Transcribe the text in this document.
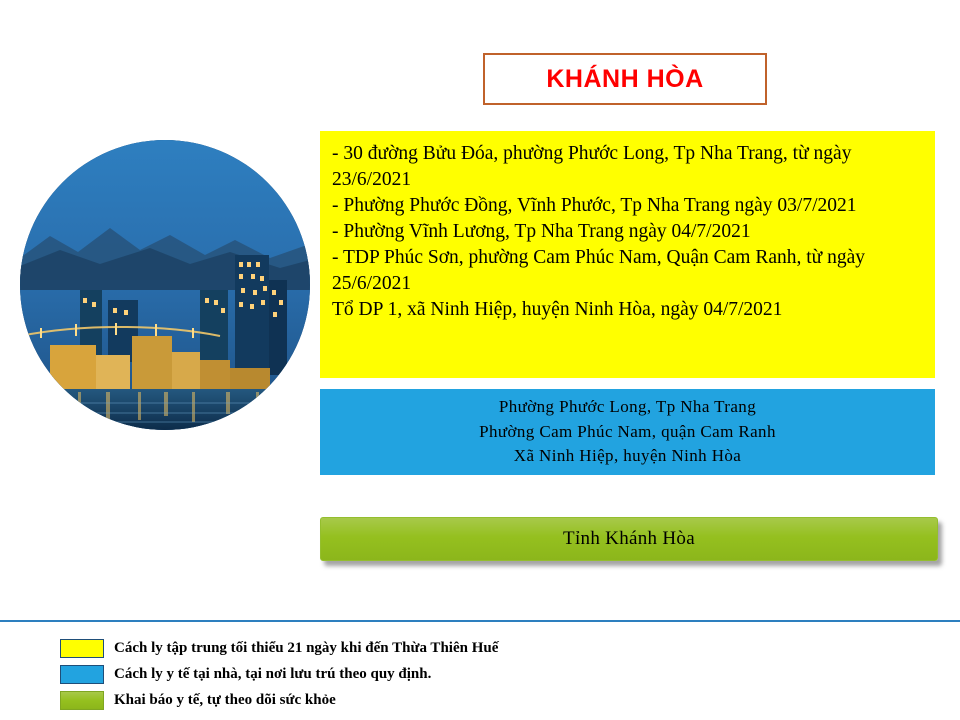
KHÁNH HÒA
- 30 đường Bửu Đóa, phường Phước Long, Tp Nha Trang, từ ngày 23/6/2021
- Phường Phước Đồng, Vĩnh Phước, Tp Nha Trang ngày 03/7/2021
- Phường Vĩnh Lương, Tp Nha Trang ngày 04/7/2021
- TDP Phúc Sơn, phường Cam Phúc Nam, Quận Cam Ranh, từ ngày 25/6/2021
Tổ DP 1, xã Ninh Hiệp, huyện Ninh Hòa, ngày 04/7/2021
Phường Phước Long, Tp Nha Trang
Phường Cam Phúc Nam, quận Cam Ranh
Xã Ninh Hiệp, huyện Ninh Hòa
Tỉnh Khánh Hòa
Cách ly tập trung tối thiểu 21 ngày khi đến Thừa Thiên Huế
Cách ly y tế tại nhà, tại nơi lưu trú theo quy định.
Khai báo y tế, tự theo dõi sức khỏe
